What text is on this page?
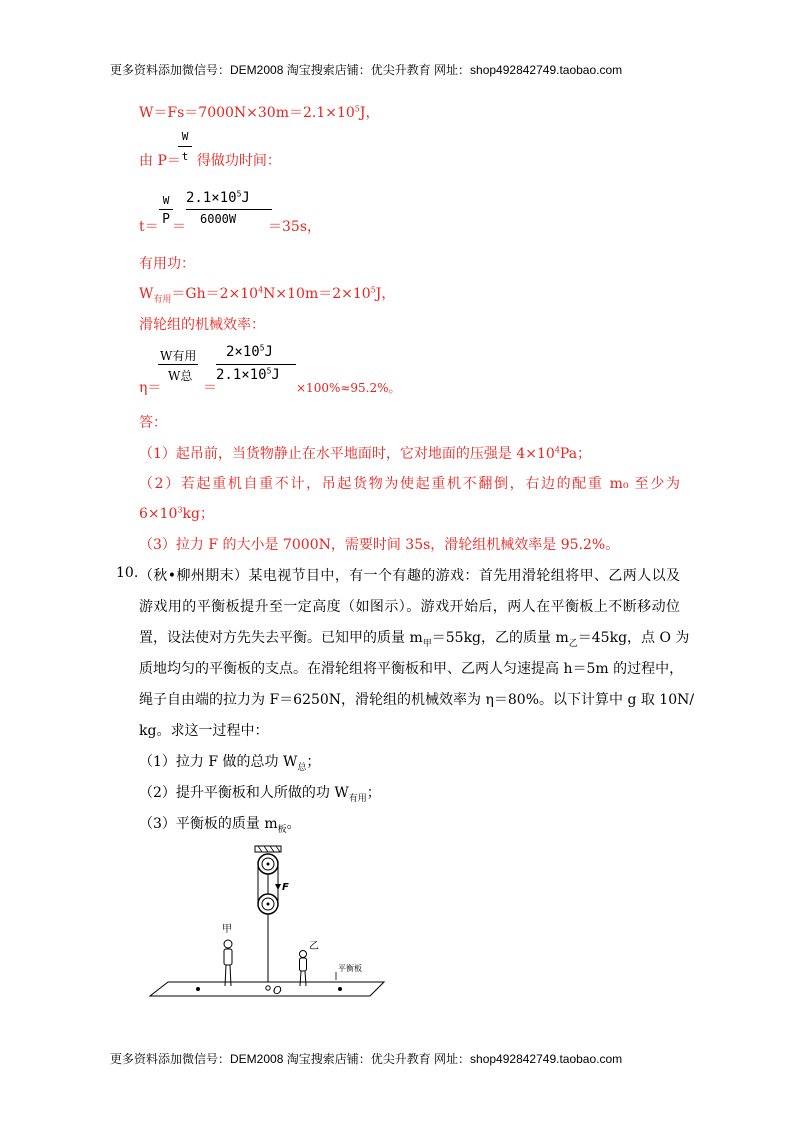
更多资料添加微信号：DEM2008 淘宝搜索店铺：优尖升教育 网址：shop492842749.taobao.com
$W=Fs=7000N\times 30m=2.1\times 10^5J$，
W
由 P＝ 得做功时间：
t
W
P
t＝ ＝
$2.1\times 10^5J$
6000W ＝35s，
有用功：
$W_{有用}=Gh=2\times 10^4N\times 10m=2\times 10^5J$，
滑轮组的机械效率：
W有用
W总
η＝	＝
$2\times 10^5J$
$2.1\times 10^5J$
×100%≈95.2%。
答：
（1）起吊前，当货物静止在水平地面时，它对地面的压强是 $4\times 10^4Pa$；
（2）若起重机自重不计，吊起货物为使起重机不翻倒，右边的配重 m₀ 至少为
$6\times 10^3kg$；
（3）拉力 F 的大小是 7000N，需要时间 35s，滑轮组机械效率是 95.2%。
10. （秋•柳州期末）某电视节目中，有一个有趣的游戏：首先用滑轮组将甲、乙两人以及
游戏用的平衡板提升至一定高度（如图示）。游戏开始后，两人在平衡板上不断移动位
置，设法使对方先失去平衡。已知甲的质量 $m_甲=55kg$，乙的质量 $m_乙=45kg$，点 O 为
质地均匀的平衡板的支点。在滑轮组将平衡板和甲、乙两人匀速提高 h＝5m 的过程中，
绳子自由端的拉力为 F＝6250N，滑轮组的机械效率为 η＝80%。以下计算中 g 取 10N/
kg。求这一过程中：
（1）拉力 F 做的总功 $W_总$；
（2）提升平衡板和人所做的功 $W_{有用}$；
（3）平衡板的质量 $m_板$。
F
O
甲
乙
平衡板
更多资料添加微信号：DEM2008 淘宝搜索店铺：优尖升教育 网址：shop492842749.taobao.com
